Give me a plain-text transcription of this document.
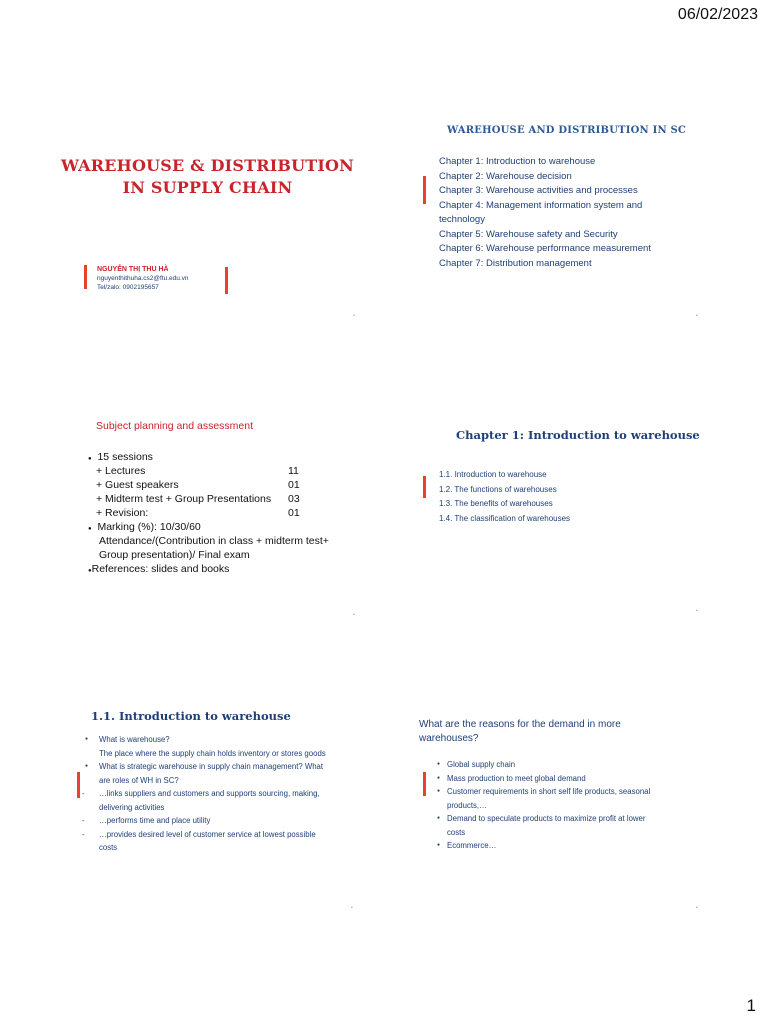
06/02/2023
1
WAREHOUSE & DISTRIBUTION
IN SUPPLY CHAIN
NGUYỄN THỊ THU HÀ
nguyenthithuha.cs2@ftu.edu.vn
Tel/zalo: 0902195657
•
WAREHOUSE AND DISTRIBUTION IN SC
Chapter 1: Introduction to warehouse
Chapter 2: Warehouse decision
Chapter 3: Warehouse activities and processes
Chapter 4: Management information system and
technology
Chapter 5: Warehouse safety and Security
Chapter 6: Warehouse performance measurement
Chapter 7: Distribution management
•
Subject planning and assessment
● 15 sessions
+ Lectures	11
+ Guest speakers	01
+ Midterm test + Group Presentations 03
+ Revision:	01
● Marking (%): 10/30/60
Attendance/(Contribution in class + midterm test+
Group presentation)/ Final exam
●References: slides and books
•
Chapter 1: Introduction to warehouse
1.1. Introduction to warehouse
1.2. The functions of warehouses
1.3. The benefits of warehouses
1.4. The classification of warehouses
•
1.1. Introduction to warehouse
● What is warehouse?
The place where the supply chain holds inventory or stores goods
● What is strategic warehouse in supply chain management? What
are roles of WH in SC?
- …links suppliers and customers and supports sourcing, making,
delivering activities
- …performs time and place utility
- …provides desired level of customer service at lowest possible
costs
•
What are the reasons for the demand in more
warehouses?
● Global supply chain
● Mass production to meet global demand
● Customer requirements in short self life products, seasonal
products,…
● Demand to speculate products to maximize profit at lower
costs
● Ecommerce…
•
